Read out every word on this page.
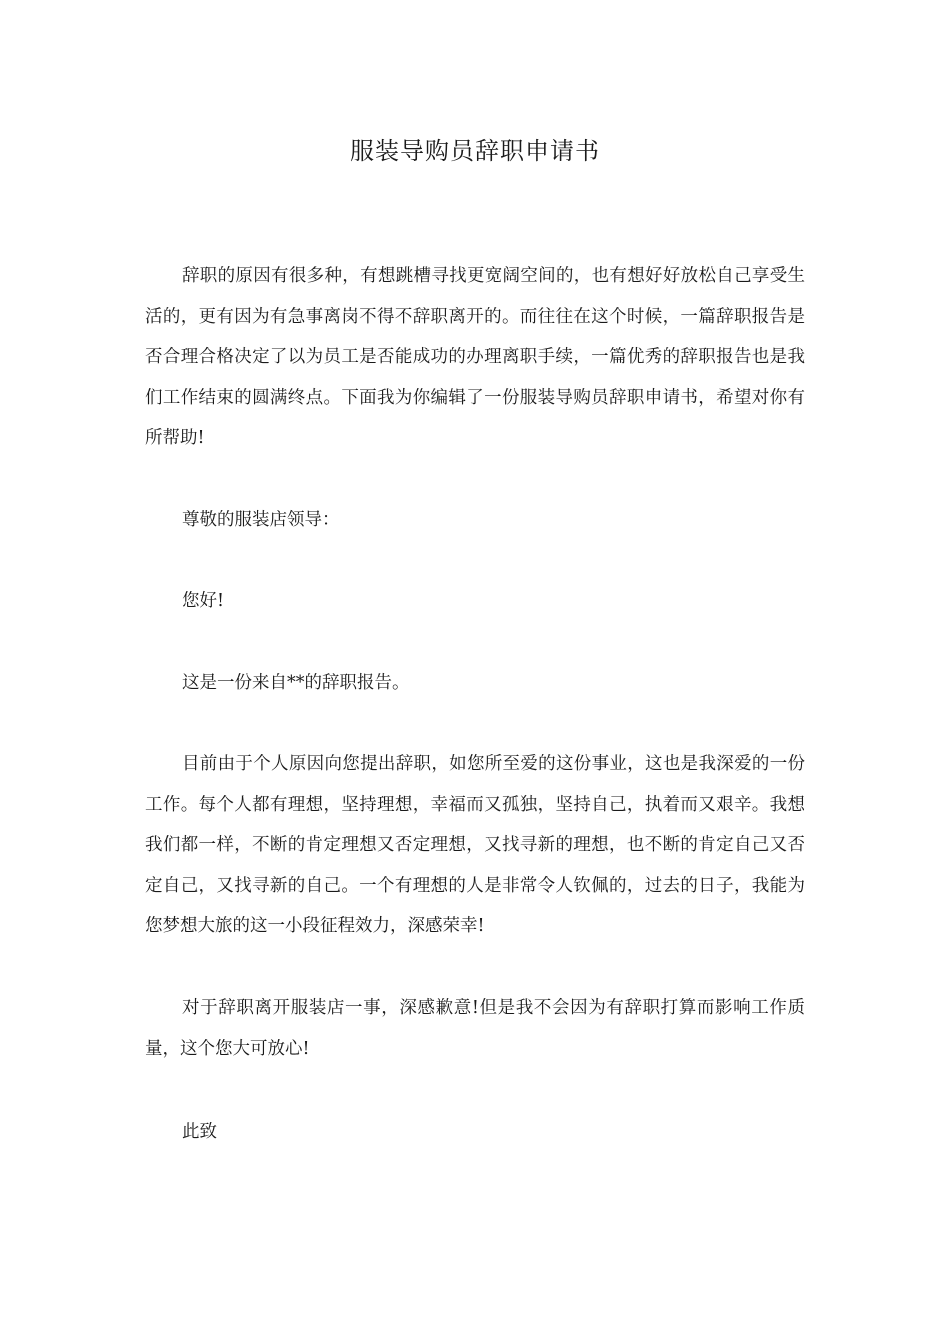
服装导购员辞职申请书

辞职的原因有很多种，有想跳槽寻找更宽阔空间的，也有想好好放松自己享受生活的，更有因为有急事离岗不得不辞职离开的。而往往在这个时候，一篇辞职报告是否合理合格决定了以为员工是否能成功的办理离职手续，一篇优秀的辞职报告也是我们工作结束的圆满终点。下面我为你编辑了一份服装导购员辞职申请书，希望对你有所帮助!

尊敬的服装店领导：

您好!

这是一份来自**的辞职报告。

目前由于个人原因向您提出辞职，如您所至爱的这份事业，这也是我深爱的一份工作。每个人都有理想，坚持理想，幸福而又孤独，坚持自己，执着而又艰辛。我想我们都一样，不断的肯定理想又否定理想，又找寻新的理想，也不断的肯定自己又否定自己，又找寻新的自己。一个有理想的人是非常令人钦佩的，过去的日子，我能为您梦想大旅的这一小段征程效力，深感荣幸!

对于辞职离开服装店一事，深感歉意!但是我不会因为有辞职打算而影响工作质量，这个您大可放心!

此致
